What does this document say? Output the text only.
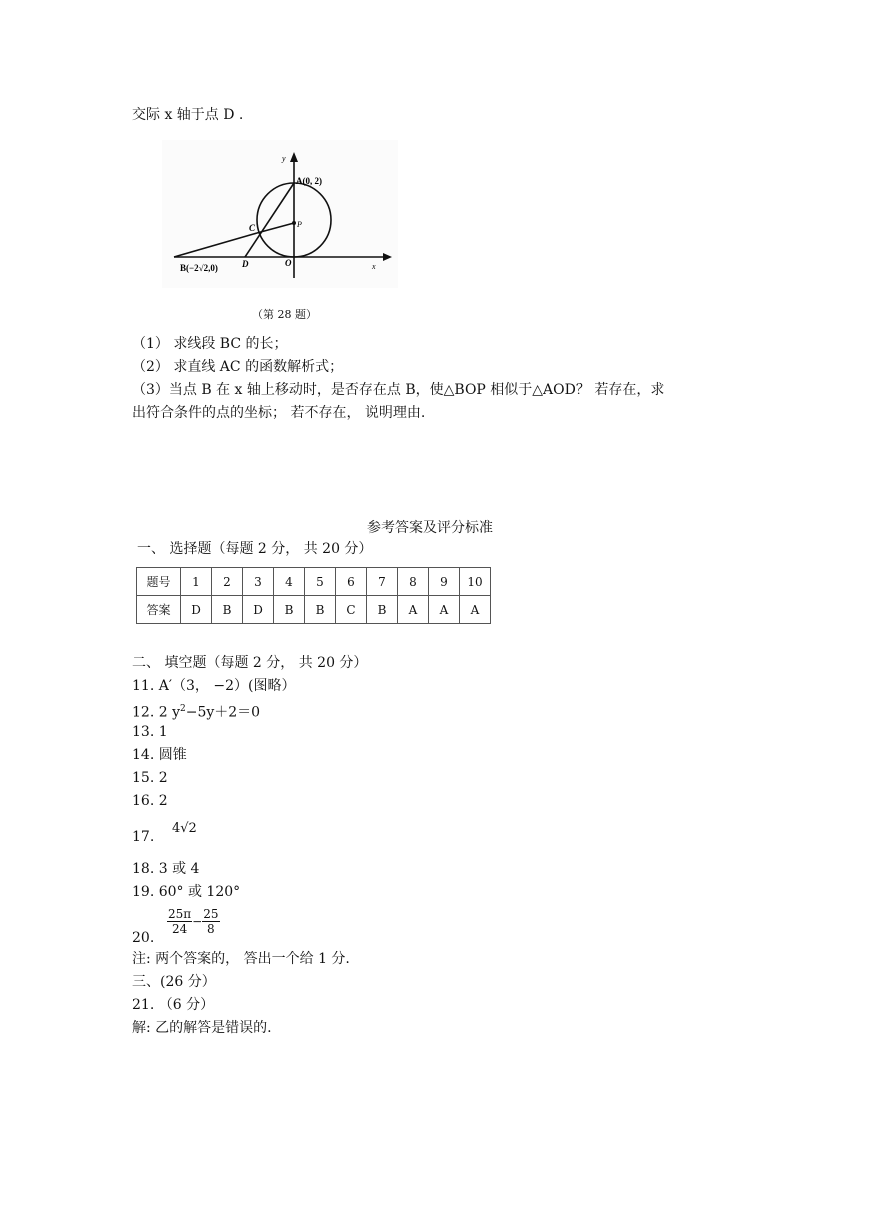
交际 x 轴于点 D .
y
x
A(0, 2)
C	P
B(−2√2,0)	D	O
（第 28 题）
（1） 求线段 BC 的长；
（2） 求直线 AC 的函数解析式；
（3）当点 B 在 x 轴上移动时，是否存在点 B，使△BOP 相似于△AOD？ 若存在，求
出符合条件的点的坐标； 若不存在， 说明理由.
参考答案及评分标准
一、 选择题（每题 2 分， 共 20 分）
题号	1	2	3	4	5	6	7	8	9	10
答案	D	B	D	B	B	C	B	A	A	A
二、 填空题（每题 2 分， 共 20 分）
11. A′（3， −2）(图略）
12. 2 $y^2-5y+2=0$
13. 1
14. 圆锥
15. 2
16. 2
17.
4√2
18. 3 或 4
19. 60° 或 120°
20.
$\frac{25\pi}{24} - \frac{25}{8}$
注: 两个答案的， 答出一个给 1 分.
三、(26 分）
21. （6 分）
解: 乙的解答是错误的.
